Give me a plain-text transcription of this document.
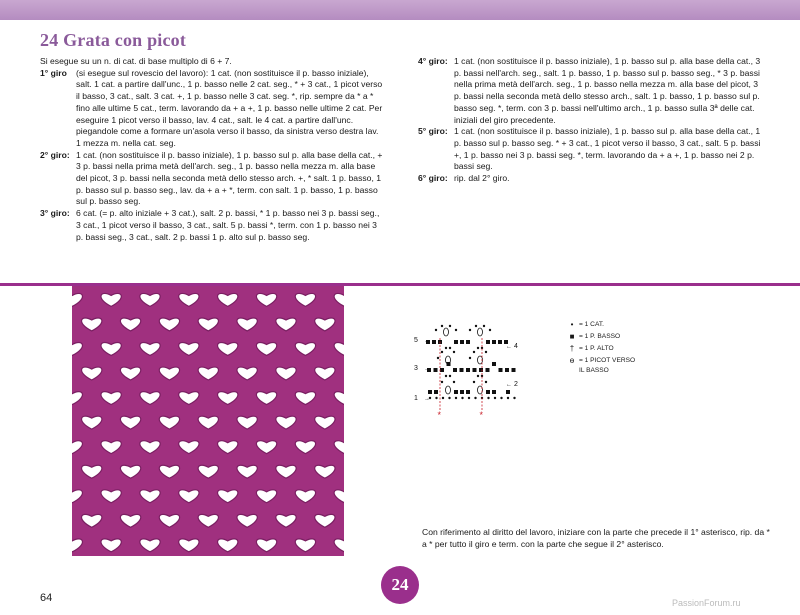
24 Grata con picot

Si esegue su un n. di cat. di base multiplo di 6 + 7.

1° giro	(si esegue sul rovescio del lavoro): 1 cat. (non sostituisce il p. basso iniziale), salt. 1 cat. a partire dall'unc., 1 p. basso nelle 2 cat. seg., * + 3 cat., 1 picot verso il basso, 3 cat., salt. 3 cat. +, 1 p. basso nelle 3 cat. seg. *, rip. sempre da * a * fino alle ultime 5 cat., term. lavorando da + a +, 1 p. basso nelle ultime 2 cat. Per eseguire 1 picot verso il basso, lav. 4 cat., salt. le 4 cat. a partire dall'unc. piegandole come a formare un'asola verso il basso, da sinistra verso destra lav. 1 mezza m. nella cat. seg.
2° giro: 1 cat. (non sostituisce il p. basso iniziale), 1 p. basso sul p. alla base della cat., + 3 p. bassi nella prima metà dell'arch. seg., 1 p. basso nella mezza m. alla base del picot, 3 p. bassi nella seconda metà dello stesso arch. +, * salt. 1 p. basso, 1 p. basso sul p. basso seg., lav. da + a + *, term. con salt. 1 p. basso, 1 p. basso sul p. basso seg.
3° giro: 6 cat. (= p. alto iniziale + 3 cat.), salt. 2 p. bassi, * 1 p. basso nei 3 p. bassi seg., 3 cat., 1 picot verso il basso, 3 cat., salt. 5 p. bassi *, term. con 1 p. basso nei 3 p. bassi seg., 3 cat., salt. 2 p. bassi 1 p. alto sul p. basso seg.
4° giro: 1 cat. (non sostituisce il p. basso iniziale), 1 p. basso sul p. alla base della cat., 3 p. bassi nell'arch. seg., salt. 1 p. basso, 1 p. basso sul p. basso seg., * 3 p. bassi nella prima metà dell'arch. seg., 1 p. basso nella mezza m. alla base del picot, 3 p. bassi nella seconda metà dello stesso arch., salt. 1 p. basso, 1 p. basso sul p. basso seg. *, term. con 3 p. bassi nell'ultimo arch., 1 p. basso sulla 3ª delle cat. iniziali del giro precedente.
5° giro: 1 cat. (non sostituisce il p. basso iniziale), 1 p. basso sul p. alla base della cat., 1 p. basso sul p. basso seg. * + 3 cat., 1 picot verso il basso, 3 cat., salt. 5 p. bassi +, 1 p. basso nei 3 p. bassi seg. *, term. lavorando da + a +, 1 p. basso nei 2 p. bassi seg.
6° giro: rip. dal 2° giro.
*	*
5
4
3
2
1
→
←
→
←
→
• = 1 CAT.
■ = 1 P. BASSO
† = 1 P. ALTO
ɵ = 1 PICOT VERSO IL BASSO
Con riferimento al diritto del lavoro, iniziare con la parte che precede il 1° asterisco, rip. da * a * per tutto il giro e term. con la parte che segue il 2° asterisco.
64
24
PassionForum.ru
